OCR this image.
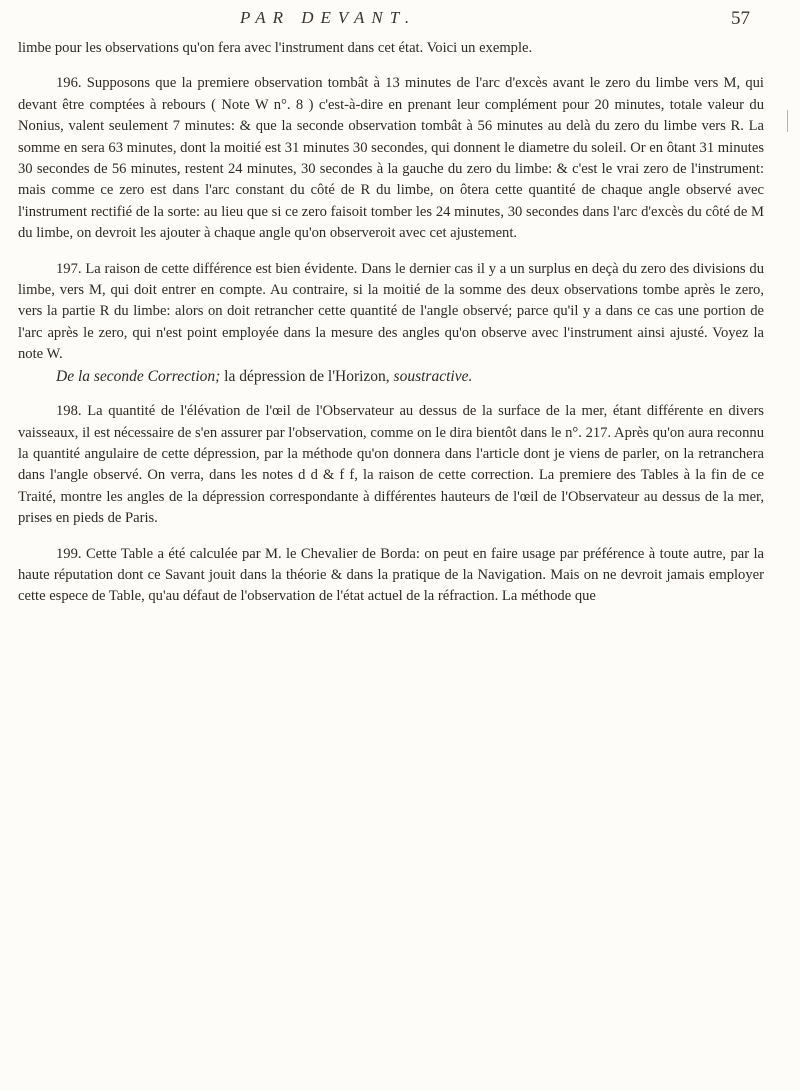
PAR DEVANT.	57

limbe pour les observations qu'on fera avec l'instrument dans cet état. Voici un exemple.

196. Supposons que la premiere observation tombât à 13 minutes de l'arc d'excès avant le zero du limbe vers M, qui devant être comptées à rebours ( Note W n°. 8 ) c'est-à-dire en prenant leur complément pour 20 minutes, totale valeur du Nonius, valent seulement 7 minutes: & que la seconde observation tombât à 56 minutes au delà du zero du limbe vers R. La somme en sera 63 minutes, dont la moitié est 31 minutes 30 secondes, qui donnent le diametre du soleil. Or en ôtant 31 minutes 30 secondes de 56 minutes, restent 24 minutes, 30 secondes à la gauche du zero du limbe: & c'est le vrai zero de l'instrument: mais comme ce zero est dans l'arc constant du côté de R du limbe, on ôtera cette quantité de chaque angle observé avec l'instrument rectifié de la sorte: au lieu que si ce zero faisoit tomber les 24 minutes, 30 secondes dans l'arc d'excès du côté de M du limbe, on devroit les ajouter à chaque angle qu'on observeroit avec cet ajustement.

197. La raison de cette différence est bien évidente. Dans le dernier cas il y a un surplus en deçà du zero des divisions du limbe, vers M, qui doit entrer en compte. Au contraire, si la moitié de la somme des deux observations tombe après le zero, vers la partie R du limbe: alors on doit retrancher cette quantité de l'angle observé; parce qu'il y a dans ce cas une portion de l'arc après le zero, qui n'est point employée dans la mesure des angles qu'on observe avec l'instrument ainsi ajusté. Voyez la note W.

De la seconde Correction; la dépression de l'Horizon, soustractive.

198. La quantité de l'élévation de l'œil de l'Observateur au dessus de la surface de la mer, étant différente en divers vaisseaux, il est nécessaire de s'en assurer par l'observation, comme on le dira bientôt dans le n°. 217. Après qu'on aura reconnu la quantité angulaire de cette dépression, par la méthode qu'on donnera dans l'article dont je viens de parler, on la retranchera dans l'angle observé. On verra, dans les notes d d & f f, la raison de cette correction. La premiere des Tables à la fin de ce Traité, montre les angles de la dépression correspondante à différentes hauteurs de l'œil de l'Observateur au dessus de la mer, prises en pieds de Paris.

199. Cette Table a été calculée par M. le Chevalier de Borda: on peut en faire usage par préférence à toute autre, par la haute réputation dont ce Savant jouit dans la théorie & dans la pratique de la Navigation. Mais on ne devroit jamais employer cette espece de Table, qu'au défaut de l'observation de l'état actuel de la réfraction. La méthode que
